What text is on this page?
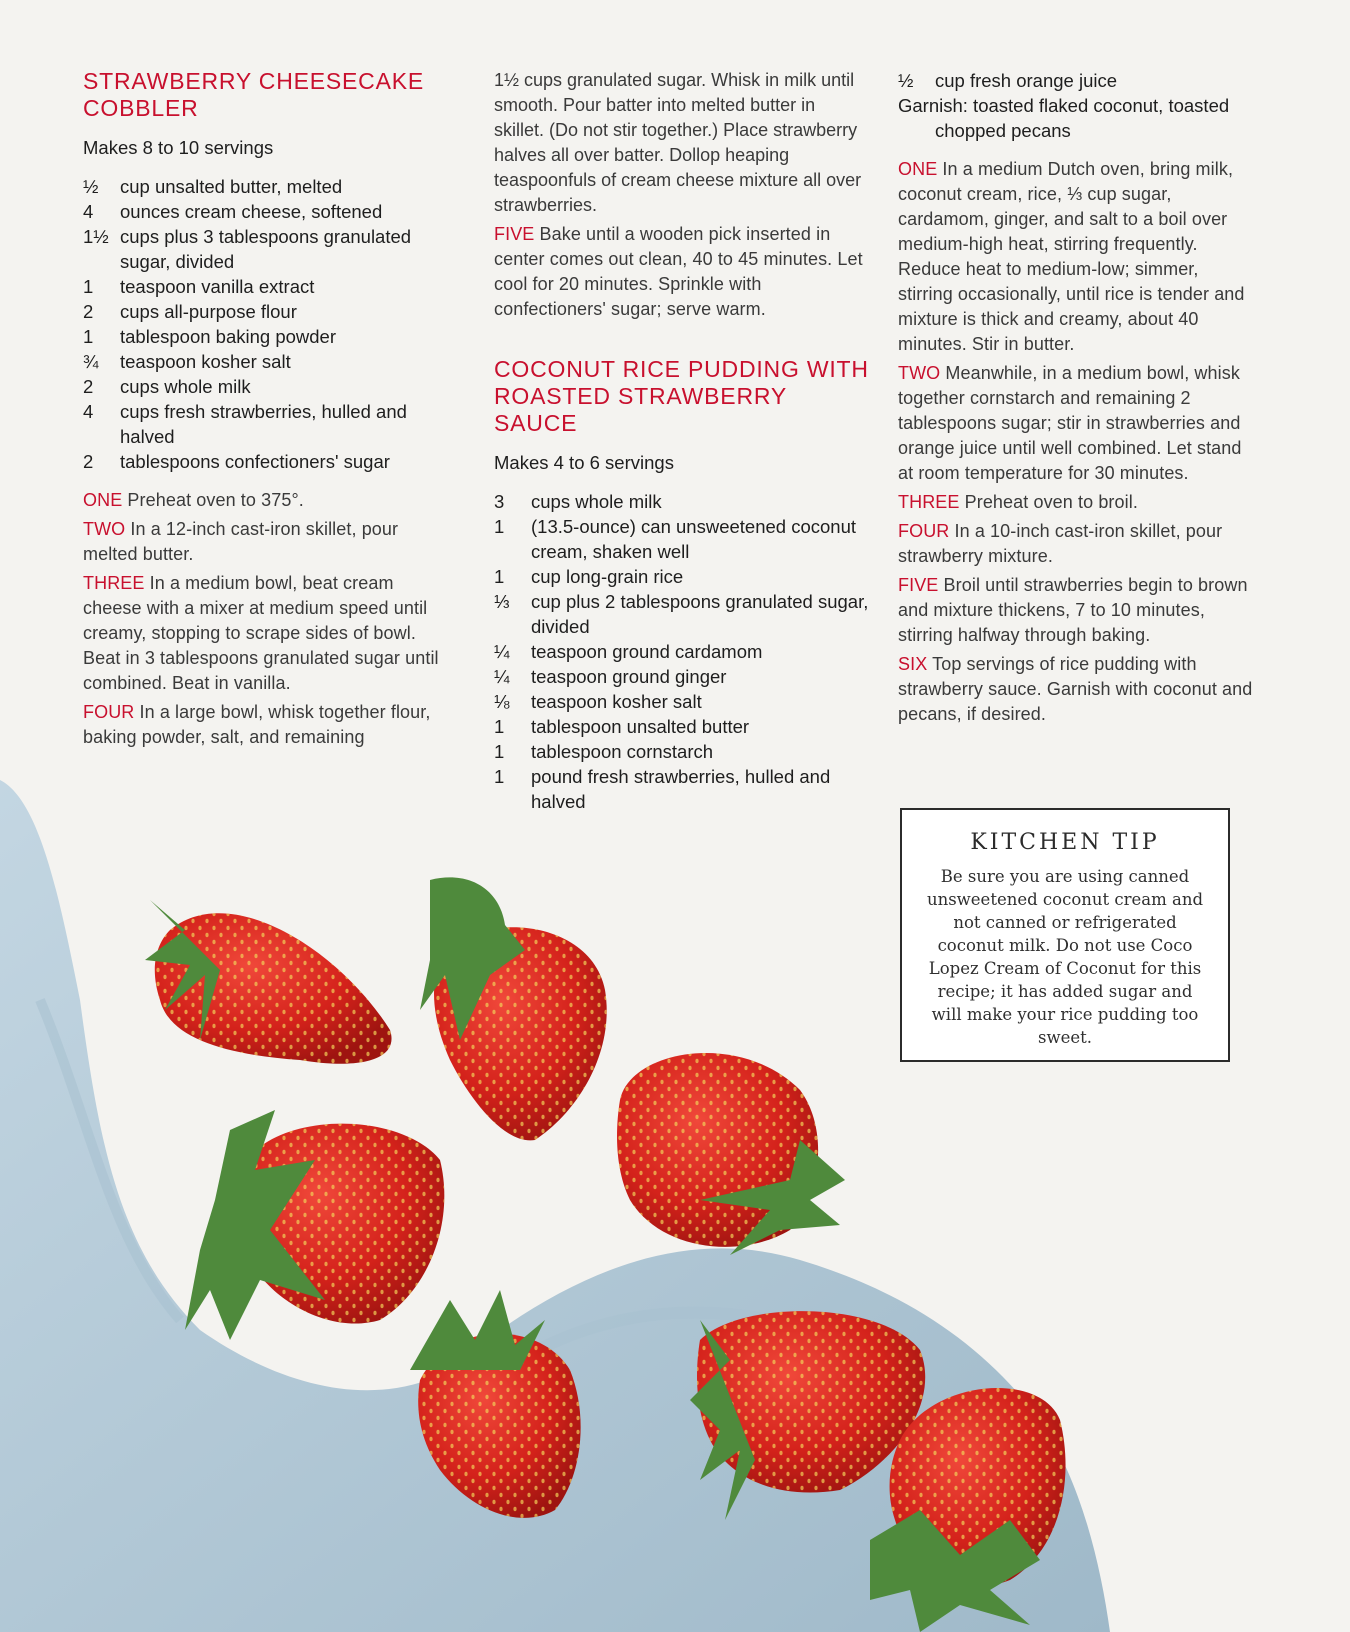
STRAWBERRY CHEESECAKE COBBLER
Makes 8 to 10 servings
½	cup unsalted butter, melted
4	ounces cream cheese, softened
1½ cups plus 3 tablespoons granulated sugar, divided
1	teaspoon vanilla extract
2	cups all-purpose flour
1	tablespoon baking powder
¾	teaspoon kosher salt
2	cups whole milk
4	cups fresh strawberries, hulled and halved
2	tablespoons confectioners' sugar

ONE Preheat oven to 375°.

TWO In a 12-inch cast-iron skillet, pour melted butter.

THREE In a medium bowl, beat cream cheese with a mixer at medium speed until creamy, stopping to scrape sides of bowl. Beat in 3 tablespoons granulated sugar until combined. Beat in vanilla.

FOUR In a large bowl, whisk together flour, baking powder, salt, and remaining

1½ cups granulated sugar. Whisk in milk until smooth. Pour batter into melted butter in skillet. (Do not stir together.) Place strawberry halves all over batter. Dollop heaping teaspoonfuls of cream cheese mixture all over strawberries.

FIVE Bake until a wooden pick inserted in center comes out clean, 40 to 45 minutes. Let cool for 20 minutes. Sprinkle with confectioners' sugar; serve warm.

COCONUT RICE PUDDING WITH ROASTED STRAWBERRY SAUCE
Makes 4 to 6 servings
3	cups whole milk
1	(13.5-ounce) can unsweetened coconut cream, shaken well
1	cup long-grain rice
⅓	cup plus 2 tablespoons granulated sugar, divided
¼	teaspoon ground cardamom
¼	teaspoon ground ginger
⅛	teaspoon kosher salt
1	tablespoon unsalted butter
1	tablespoon cornstarch
1	pound fresh strawberries, hulled and halved
½	cup fresh orange juice
Garnish: toasted flaked coconut, toasted chopped pecans

ONE In a medium Dutch oven, bring milk, coconut cream, rice, ⅓ cup sugar, cardamom, ginger, and salt to a boil over medium-high heat, stirring frequently. Reduce heat to medium-low; simmer, stirring occasionally, until rice is tender and mixture is thick and creamy, about 40 minutes. Stir in butter.

TWO Meanwhile, in a medium bowl, whisk together cornstarch and remaining 2 tablespoons sugar; stir in strawberries and orange juice until well combined. Let stand at room temperature for 30 minutes.

THREE Preheat oven to broil.

FOUR In a 10-inch cast-iron skillet, pour strawberry mixture.

FIVE Broil until strawberries begin to brown and mixture thickens, 7 to 10 minutes, stirring halfway through baking.

SIX Top servings of rice pudding with strawberry sauce. Garnish with coconut and pecans, if desired.

KITCHEN TIP
Be sure you are using canned unsweetened coconut cream and not canned or refrigerated coconut milk. Do not use Coco Lopez Cream of Coconut for this recipe; it has added sugar and will make your rice pudding too sweet.
